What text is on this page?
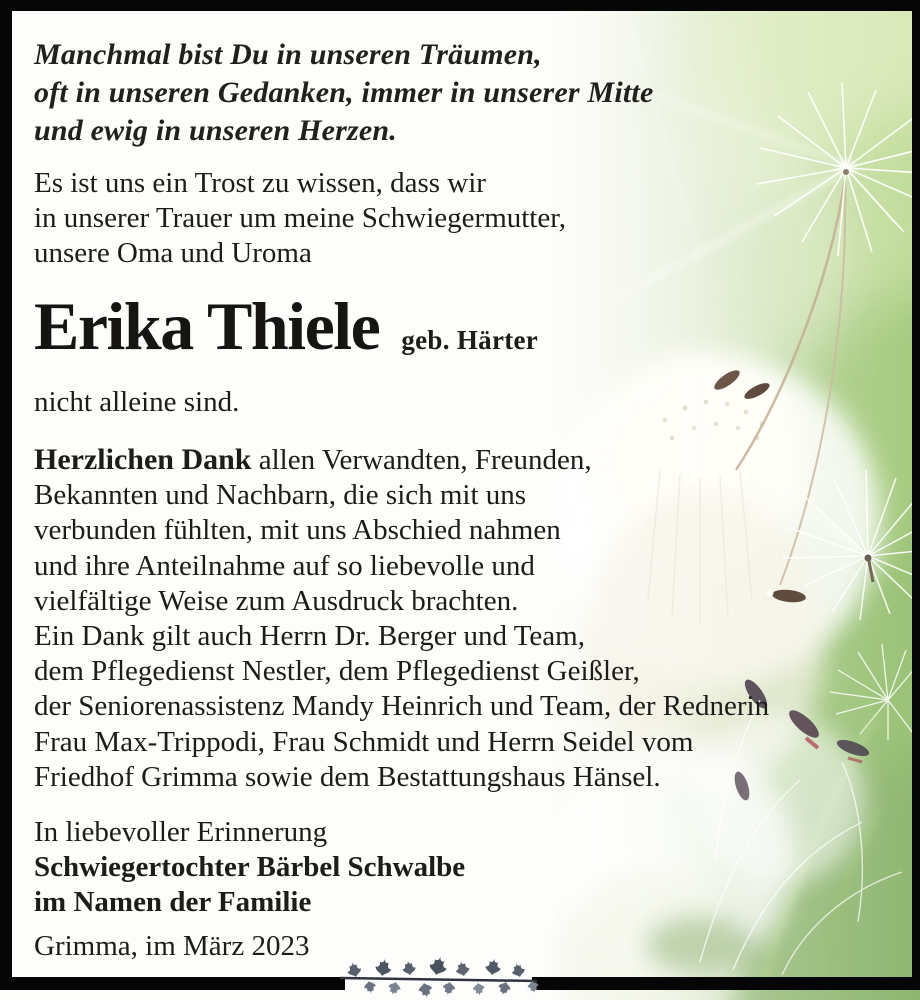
Manchmal bist Du in unseren Träumen,
oft in unseren Gedanken, immer in unserer Mitte
und ewig in unseren Herzen.
Es ist uns ein Trost zu wissen, dass wir
in unserer Trauer um meine Schwiegermutter,
unsere Oma und Uroma
Erika Thiele geb. Härter
nicht alleine sind.
Herzlichen Dank allen Verwandten, Freunden,
Bekannten und Nachbarn, die sich mit uns
verbunden fühlten, mit uns Abschied nahmen
und ihre Anteilnahme auf so liebevolle und
vielfältige Weise zum Ausdruck brachten.
Ein Dank gilt auch Herrn Dr. Berger und Team,
dem Pflegedienst Nestler, dem Pflegedienst Geißler,
der Seniorenassistenz Mandy Heinrich und Team, der Rednerin
Frau Max-Trippodi, Frau Schmidt und Herrn Seidel vom
Friedhof Grimma sowie dem Bestattungshaus Hänsel.
In liebevoller Erinnerung
Schwiegertochter Bärbel Schwalbe
im Namen der Familie
Grimma, im März 2023
